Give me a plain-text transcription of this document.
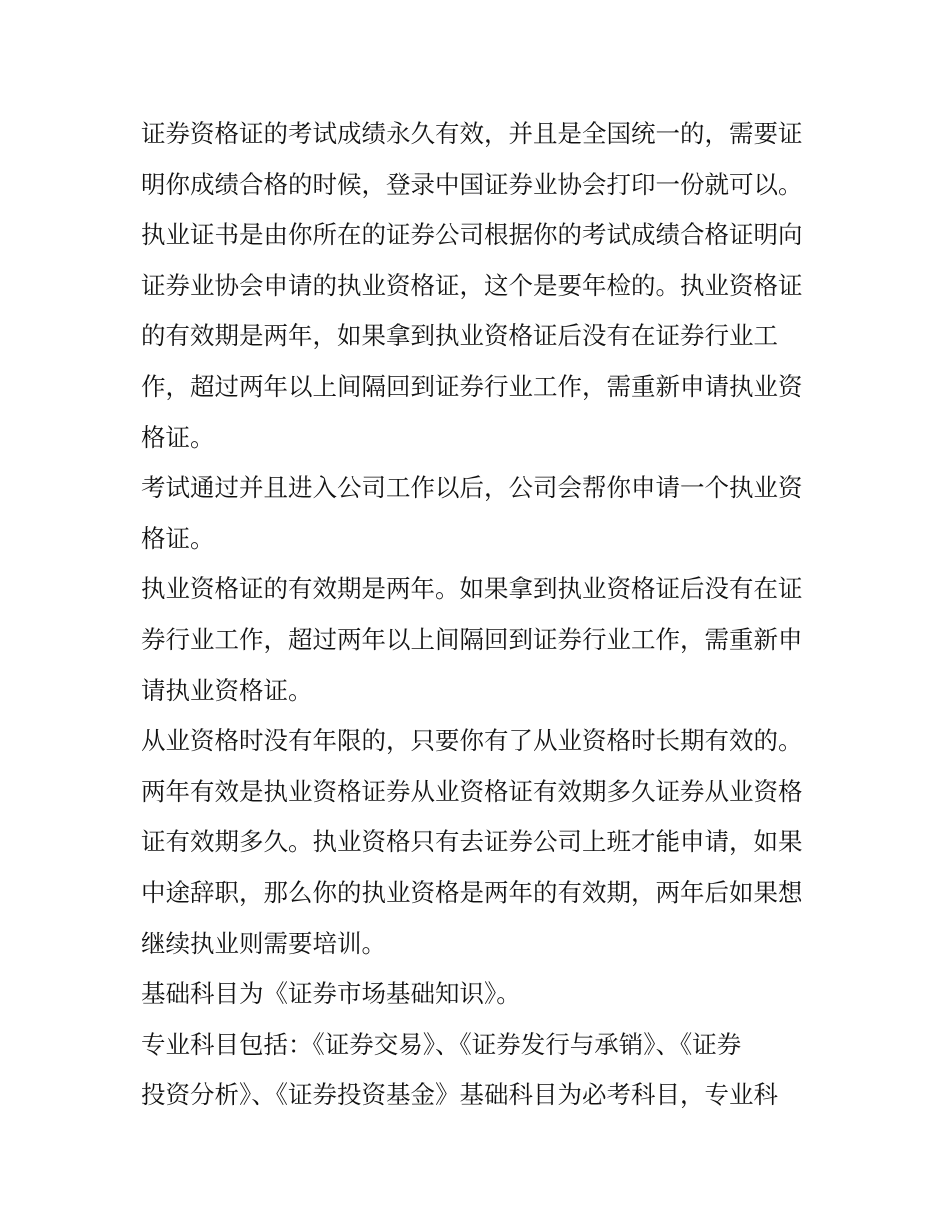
证券资格证的考试成绩永久有效，并且是全国统一的，需要证

明你成绩合格的时候，登录中国证券业协会打印一份就可以。

执业证书是由你所在的证券公司根据你的考试成绩合格证明向

证券业协会申请的执业资格证，这个是要年检的。执业资格证

的有效期是两年，如果拿到执业资格证后没有在证券行业工

作，超过两年以上间隔回到证券行业工作，需重新申请执业资

格证。

考试通过并且进入公司工作以后，公司会帮你申请一个执业资

格证。

执业资格证的有效期是两年。如果拿到执业资格证后没有在证

券行业工作，超过两年以上间隔回到证券行业工作，需重新申

请执业资格证。

从业资格时没有年限的，只要你有了从业资格时长期有效的。

两年有效是执业资格证券从业资格证有效期多久证券从业资格

证有效期多久。执业资格只有去证券公司上班才能申请，如果

中途辞职，那么你的执业资格是两年的有效期，两年后如果想

继续执业则需要培训。

基础科目为《证券市场基础知识》。

专业科目包括：《证券交易》、《证券发行与承销》、《证券

投资分析》、《证券投资基金》基础科目为必考科目，专业科
